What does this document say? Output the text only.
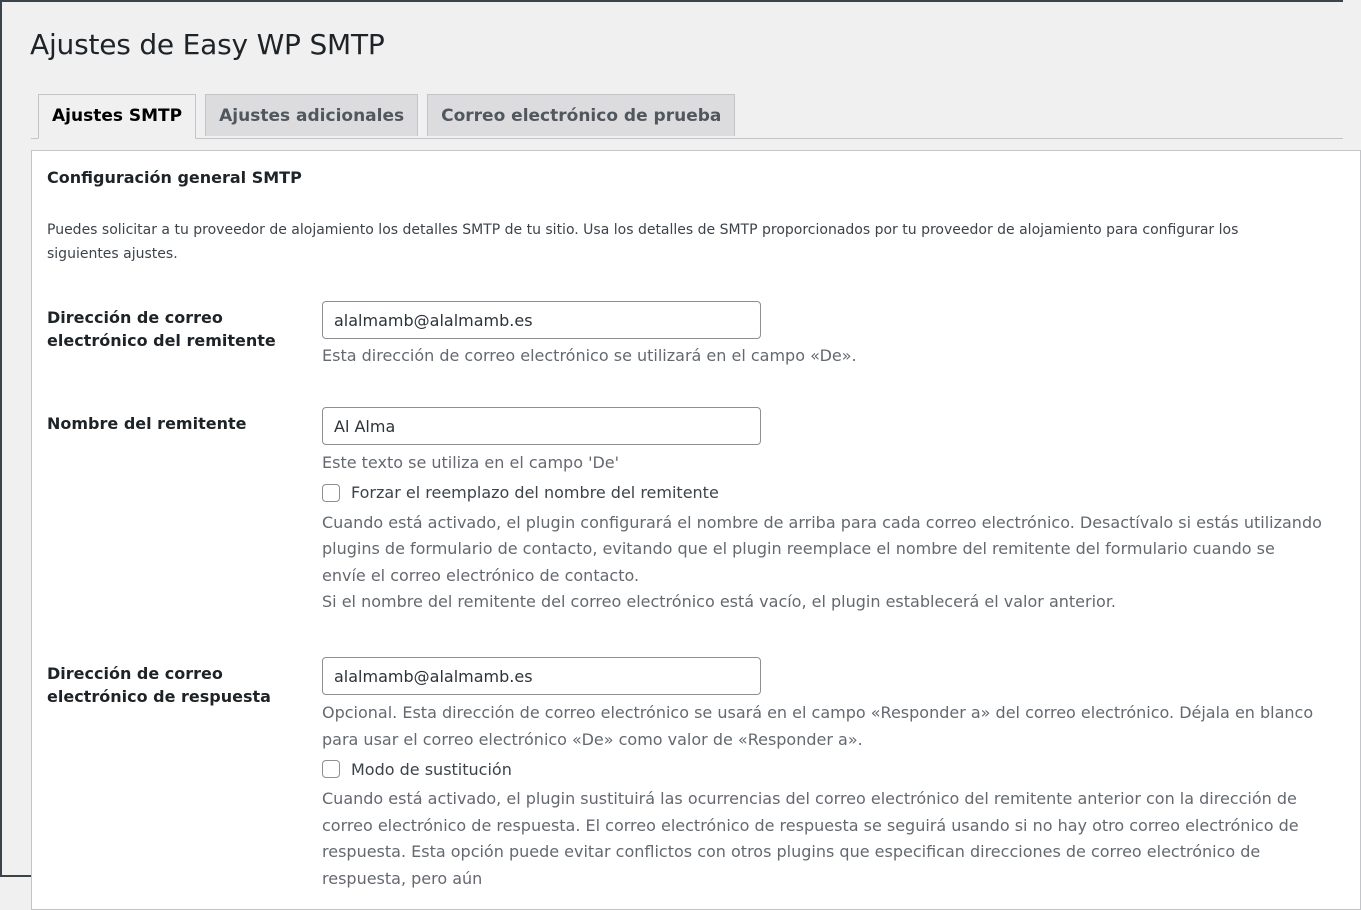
Ajustes de Easy WP SMTP
Ajustes SMTP	Ajustes adicionales	Correo electrónico de prueba
Configuración general SMTP

Puedes solicitar a tu proveedor de alojamiento los detalles SMTP de tu sitio. Usa los detalles de SMTP proporcionados por tu proveedor de alojamiento para configurar los siguientes ajustes.

Dirección de correo electrónico del remitente
alalmamb@alalmamb.es

Esta dirección de correo electrónico se utilizará en el campo «De».

Nombre del remitente
Al Alma

Este texto se utiliza en el campo 'De'

Forzar el reemplazo del nombre del remitente

Cuando está activado, el plugin configurará el nombre de arriba para cada correo electrónico. Desactívalo si estás utilizando plugins de formulario de contacto, evitando que el plugin reemplace el nombre del remitente del formulario cuando se envíe el correo electrónico de contacto.

Si el nombre del remitente del correo electrónico está vacío, el plugin establecerá el valor anterior.

Dirección de correo electrónico de respuesta
alalmamb@alalmamb.es

Opcional. Esta dirección de correo electrónico se usará en el campo «Responder a» del correo electrónico. Déjala en blanco para usar el correo electrónico «De» como valor de «Responder a».

Modo de sustitución

Cuando está activado, el plugin sustituirá las ocurrencias del correo electrónico del remitente anterior con la dirección de correo electrónico de respuesta. El correo electrónico de respuesta se seguirá usando si no hay otro correo electrónico de respuesta. Esta opción puede evitar conflictos con otros plugins que especifican direcciones de correo electrónico de respuesta, pero aún
